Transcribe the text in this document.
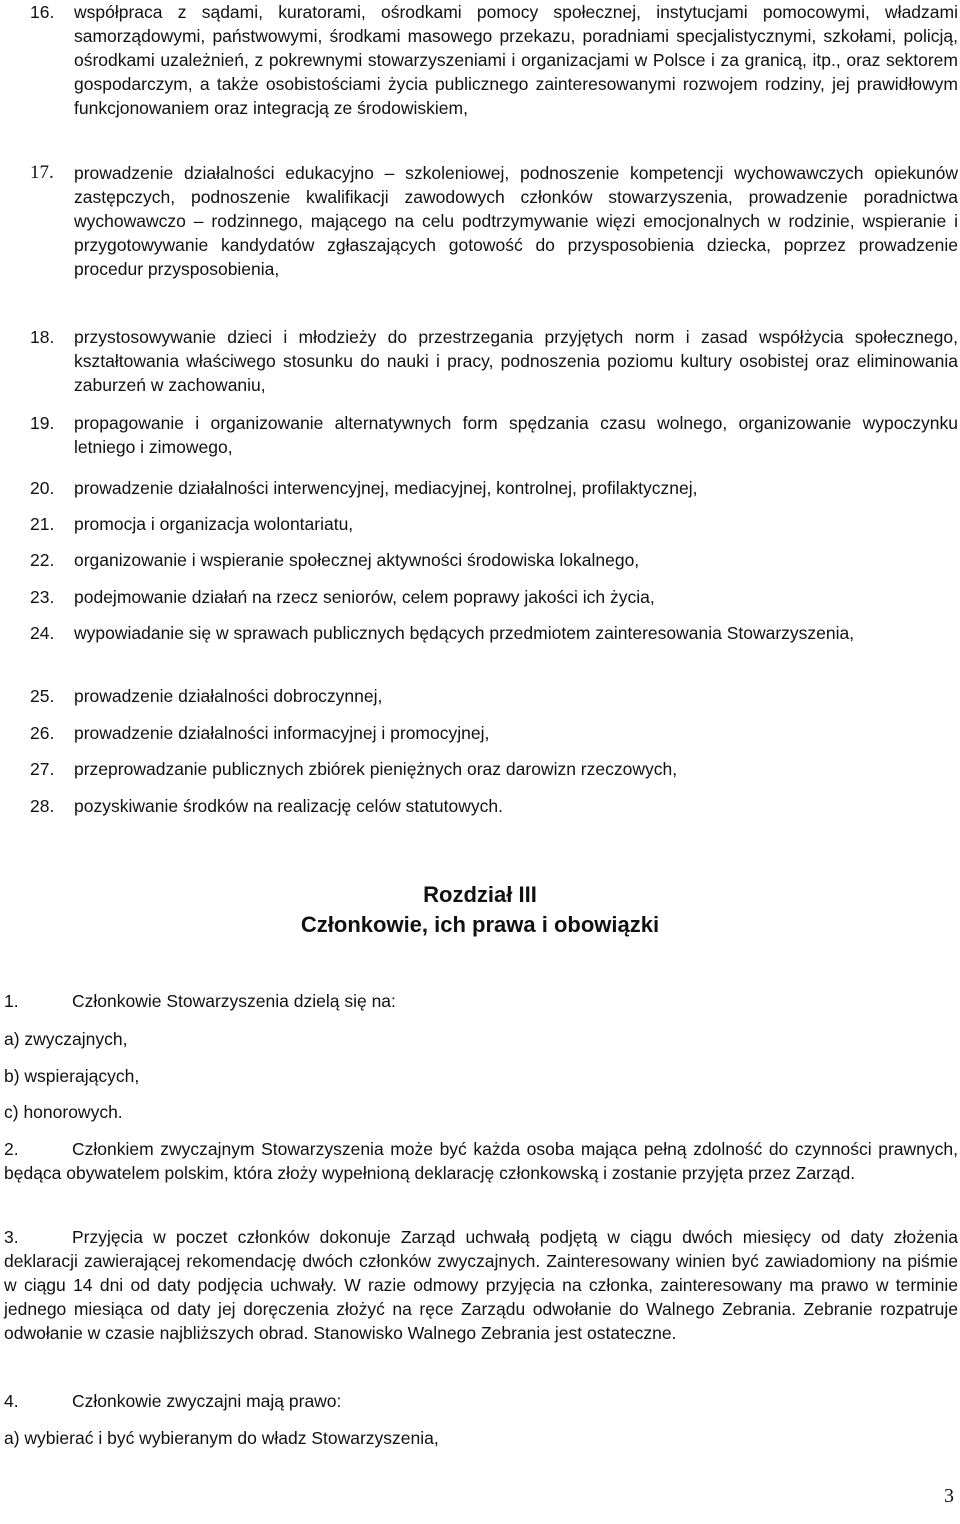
16.	współpraca z sądami, kuratorami, ośrodkami pomocy społecznej, instytucjami pomocowymi, władzami samorządowymi, państwowymi, środkami masowego przekazu, poradniami specjalistycznymi, szkołami, policją, ośrodkami uzależnień, z pokrewnymi stowarzyszeniami i organizacjami w Polsce i za granicą, itp., oraz sektorem gospodarczym, a także osobistościami życia publicznego zainteresowanymi rozwojem rodziny, jej prawidłowym funkcjonowaniem oraz integracją ze środowiskiem,
17.	prowadzenie działalności edukacyjno – szkoleniowej, podnoszenie kompetencji wychowawczych opiekunów zastępczych, podnoszenie kwalifikacji zawodowych członków stowarzyszenia, prowadzenie poradnictwa wychowawczo – rodzinnego, mającego na celu podtrzymywanie więzi emocjonalnych w rodzinie, wspieranie i przygotowywanie kandydatów zgłaszających gotowość do przysposobienia dziecka, poprzez prowadzenie procedur przysposobienia,
18.	przystosowywanie dzieci i młodzieży do przestrzegania przyjętych norm i zasad współżycia społecznego, kształtowania właściwego stosunku do nauki i pracy, podnoszenia poziomu kultury osobistej oraz eliminowania zaburzeń w zachowaniu,
19.	propagowanie i organizowanie alternatywnych form spędzania czasu wolnego, organizowanie wypoczynku letniego i zimowego,
20.	prowadzenie działalności interwencyjnej, mediacyjnej, kontrolnej, profilaktycznej,
21.	promocja i organizacja wolontariatu,
22.	organizowanie i wspieranie społecznej aktywności środowiska lokalnego,
23.	podejmowanie działań na rzecz seniorów, celem poprawy jakości ich życia,
24.	wypowiadanie się w sprawach publicznych będących przedmiotem zainteresowania Stowarzyszenia,
25.	prowadzenie działalności dobroczynnej,
26.	prowadzenie działalności informacyjnej i promocyjnej,
27.	przeprowadzanie publicznych zbiórek pieniężnych oraz darowizn rzeczowych,
28.	pozyskiwanie środków na realizację celów statutowych.
Rozdział III
Członkowie, ich prawa i obowiązki
1.	Członkowie Stowarzyszenia dzielą się na:
a) zwyczajnych,
b) wspierających,
c) honorowych.
2.	Członkiem zwyczajnym Stowarzyszenia może być każda osoba mająca pełną zdolność do czynności prawnych, będąca obywatelem polskim, która złoży wypełnioną deklarację członkowską i zostanie przyjęta przez Zarząd.
3.	Przyjęcia w poczet członków dokonuje Zarząd uchwałą podjętą w ciągu dwóch miesięcy od daty złożenia deklaracji zawierającej rekomendację dwóch członków zwyczajnych. Zainteresowany winien być zawiadomiony na piśmie w ciągu 14 dni od daty podjęcia uchwały. W razie odmowy przyjęcia na członka, zainteresowany ma prawo w terminie jednego miesiąca od daty jej doręczenia złożyć na ręce Zarządu odwołanie do Walnego Zebrania. Zebranie rozpatruje odwołanie w czasie najbliższych obrad. Stanowisko Walnego Zebrania jest ostateczne.
4.	Członkowie zwyczajni mają prawo:
a) wybierać i być wybieranym do władz Stowarzyszenia,
3
